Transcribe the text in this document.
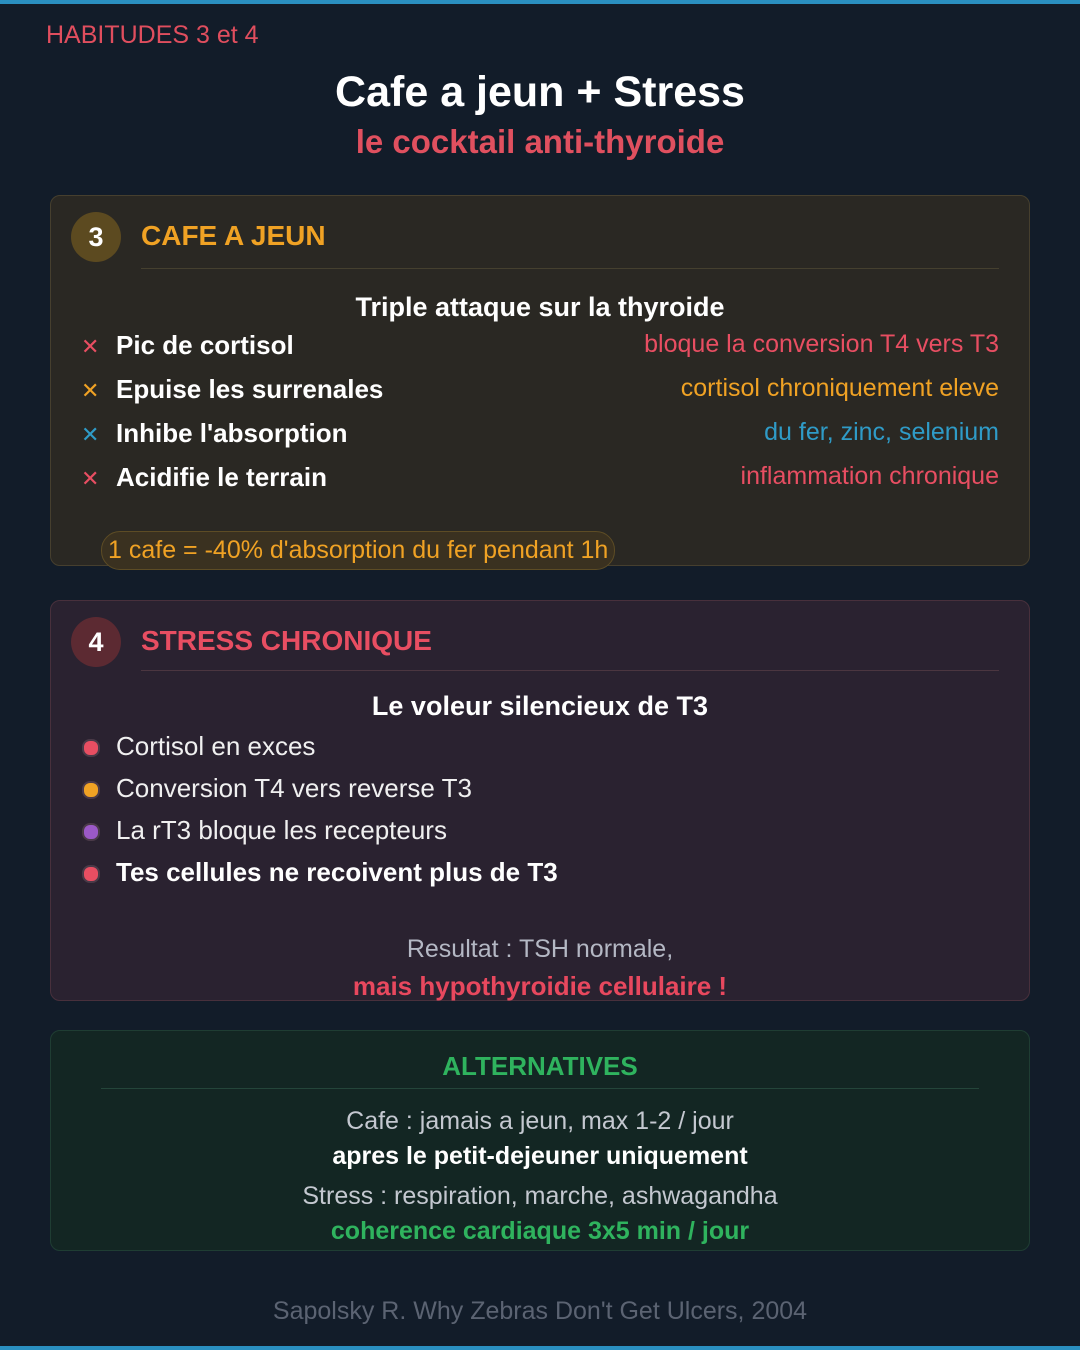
HABITUDES 3 et 4
Cafe a jeun + Stress
le cocktail anti-thyroide
3	CAFE A JEUN
Triple attaque sur la thyroide
✕ Pic de cortisol	bloque la conversion T4 vers T3
✕ Epuise les surrenales	cortisol chroniquement eleve
✕ Inhibe l'absorption	du fer, zinc, selenium
✕ Acidifie le terrain	inflammation chronique
1 cafe = -40% d'absorption du fer pendant 1h
4	STRESS CHRONIQUE
Le voleur silencieux de T3
Cortisol en exces
Conversion T4 vers reverse T3
La rT3 bloque les recepteurs
Tes cellules ne recoivent plus de T3
Resultat : TSH normale,
mais hypothyroidie cellulaire !
ALTERNATIVES
Cafe : jamais a jeun, max 1-2 / jour
apres le petit-dejeuner uniquement
Stress : respiration, marche, ashwagandha
coherence cardiaque 3x5 min / jour
Sapolsky R. Why Zebras Don't Get Ulcers, 2004
